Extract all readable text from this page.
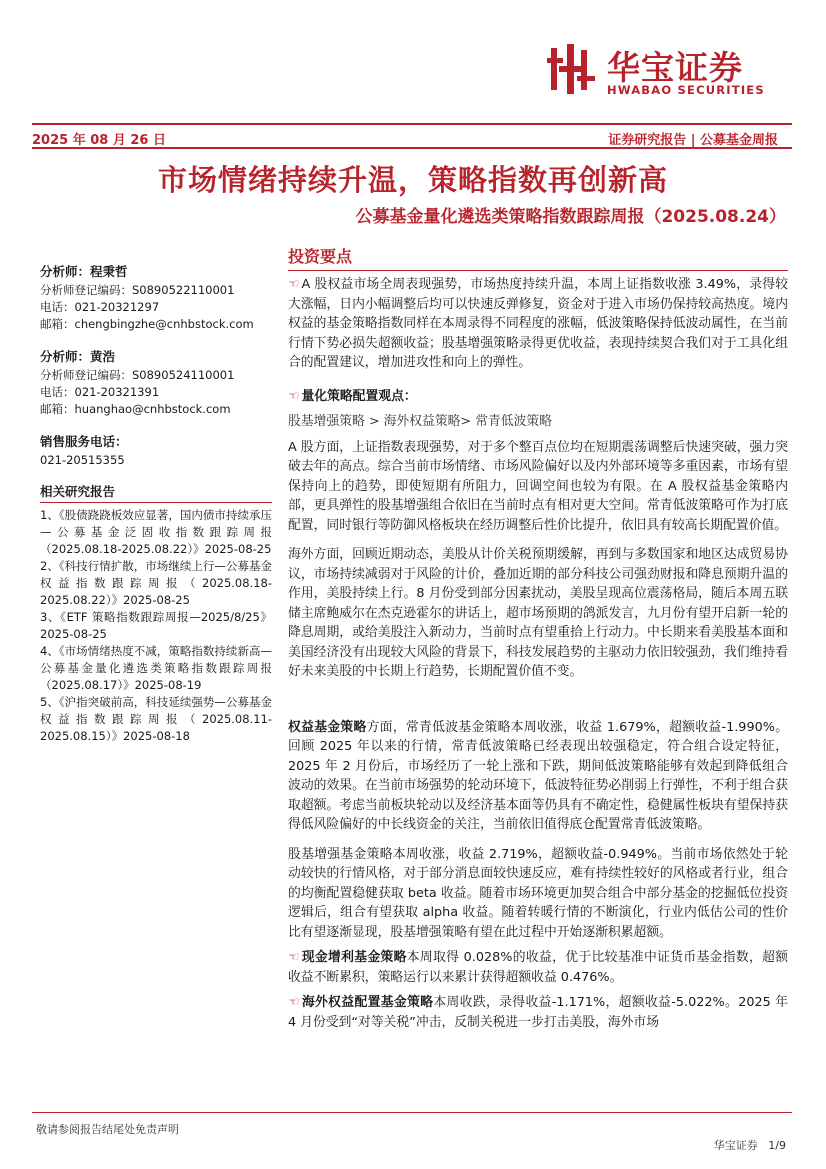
华宝证券
HWABAO SECURITIES
2025 年 08 月 26 日	证券研究报告 | 公募基金周报
市场情绪持续升温，策略指数再创新高
公募基金量化遴选类策略指数跟踪周报（2025.08.24）
分析师：程秉哲
分析师登记编码：S0890522110001
电话：021-20321297
邮箱：chengbingzhe@cnhbstock.com
分析师：黄浩
分析师登记编码：S0890524110001
电话：021-20321391
邮箱：huanghao@cnhbstock.com
销售服务电话：
021-20515355
相关研究报告

1、《股债跷跷板效应显著，国内债市持续承压—公募基金泛固收指数跟踪周报（2025.08.18-2025.08.22）》2025-08-25

2、《科技行情扩散，市场继续上行—公募基金权益指数跟踪周报（2025.08.18-2025.08.22）》2025-08-25

3、《ETF 策略指数跟踪周报—2025/8/25》2025-08-25

4、《市场情绪热度不减，策略指数持续新高—公募基金量化遴选类策略指数跟踪周报（2025.08.17）》2025-08-19

5、《沪指突破前高，科技延续强势—公募基金权益指数跟踪周报（2025.08.11-2025.08.15）》2025-08-18

投资要点

☜ A 股权益市场全周表现强势，市场热度持续升温，本周上证指数收涨 3.49%，录得较大涨幅，日内小幅调整后均可以快速反弹修复，资金对于进入市场仍保持较高热度。境内权益的基金策略指数同样在本周录得不同程度的涨幅，低波策略保持低波动属性，在当前行情下势必损失超额收益；股基增强策略录得更优收益，表现持续契合我们对于工具化组合的配置建议，增加进攻性和向上的弹性。

☜ 量化策略配置观点：

股基增强策略 > 海外权益策略> 常青低波策略

A 股方面，上证指数表现强势，对于多个整百点位均在短期震荡调整后快速突破，强力突破去年的高点。综合当前市场情绪、市场风险偏好以及内外部环境等多重因素，市场有望保持向上的趋势，即使短期有所阻力，回调空间也较为有限。在 A 股权益基金策略内部，更具弹性的股基增强组合依旧在当前时点有相对更大空间。常青低波策略可作为打底配置，同时银行等防御风格板块在经历调整后性价比提升，依旧具有较高长期配置价值。

海外方面，回顾近期动态，美股从计价关税预期缓解，再到与多数国家和地区达成贸易协议，市场持续减弱对于风险的计价，叠加近期的部分科技公司强劲财报和降息预期升温的作用，美股持续上行。8 月份受到部分因素扰动，美股呈现高位震荡格局，随后本周五联储主席鲍威尔在杰克逊霍尔的讲话上，超市场预期的鸽派发言，九月份有望开启新一轮的降息周期，或给美股注入新动力，当前时点有望重拾上行动力。中长期来看美股基本面和美国经济没有出现较大风险的背景下，科技发展趋势的主驱动力依旧较强劲，我们维持看好未来美股的中长期上行趋势，长期配置价值不变。

权益基金策略方面，常青低波基金策略本周收涨，收益 1.679%，超额收益-1.990%。回顾 2025 年以来的行情，常青低波策略已经表现出较强稳定，符合组合设定特征，2025 年 2 月份后，市场经历了一轮上涨和下跌，期间低波策略能够有效起到降低组合波动的效果。在当前市场强势的轮动环境下，低波特征势必削弱上行弹性，不利于组合获取超额。考虑当前板块轮动以及经济基本面等仍具有不确定性，稳健属性板块有望保持获得低风险偏好的中长线资金的关注，当前依旧值得底仓配置常青低波策略。

股基增强基金策略本周收涨，收益 2.719%，超额收益-0.949%。当前市场依然处于轮动较快的行情风格，对于部分消息面较快速反应，难有持续性较好的风格或者行业，组合的均衡配置稳健获取 beta 收益。随着市场环境更加契合组合中部分基金的挖掘低位投资逻辑后，组合有望获取 alpha 收益。随着转暖行情的不断演化，行业内低估公司的性价比有望逐渐显现，股基增强策略有望在此过程中开始逐渐积累超额。

☜ 现金增利基金策略本周取得 0.028%的收益，优于比较基准中证货币基金指数，超额收益不断累积，策略运行以来累计获得超额收益 0.476%。

☜ 海外权益配置基金策略本周收跌，录得收益-1.171%，超额收益-5.022%。2025 年 4 月份受到“对等关税”冲击，反制关税进一步打击美股，海外市场

敬请参阅报告结尾处免责声明
华宝证券 1/9
